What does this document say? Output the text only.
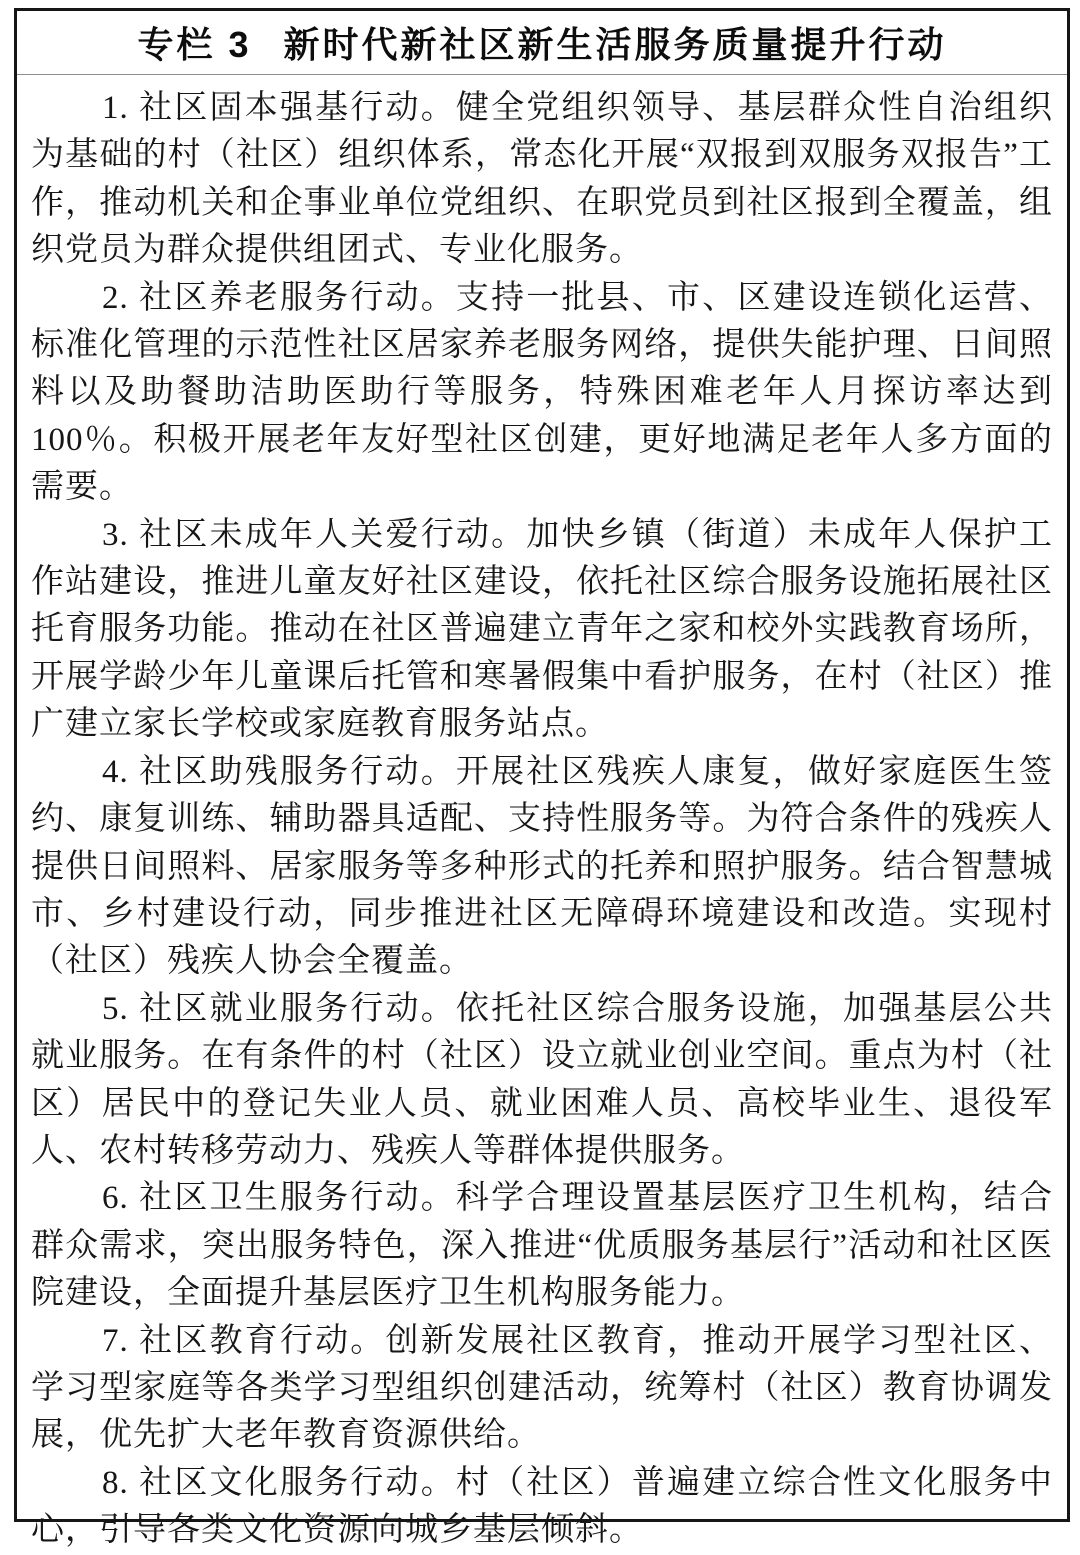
专栏 3 新时代新社区新生活服务质量提升行动

1. 社区固本强基行动。健全党组织领导、基层群众性自治组织为基础的村（社区）组织体系，常态化开展“双报到双服务双报告”工作，推动机关和企事业单位党组织、在职党员到社区报到全覆盖，组织党员为群众提供组团式、专业化服务。

2. 社区养老服务行动。支持一批县、市、区建设连锁化运营、标准化管理的示范性社区居家养老服务网络，提供失能护理、日间照料以及助餐助洁助医助行等服务，特殊困难老年人月探访率达到100％。积极开展老年友好型社区创建，更好地满足老年人多方面的需要。

3. 社区未成年人关爱行动。加快乡镇（街道）未成年人保护工作站建设，推进儿童友好社区建设，依托社区综合服务设施拓展社区托育服务功能。推动在社区普遍建立青年之家和校外实践教育场所，开展学龄少年儿童课后托管和寒暑假集中看护服务，在村（社区）推广建立家长学校或家庭教育服务站点。

4. 社区助残服务行动。开展社区残疾人康复，做好家庭医生签约、康复训练、辅助器具适配、支持性服务等。为符合条件的残疾人提供日间照料、居家服务等多种形式的托养和照护服务。结合智慧城市、乡村建设行动，同步推进社区无障碍环境建设和改造。实现村（社区）残疾人协会全覆盖。

5. 社区就业服务行动。依托社区综合服务设施，加强基层公共就业服务。在有条件的村（社区）设立就业创业空间。重点为村（社区）居民中的登记失业人员、就业困难人员、高校毕业生、退役军人、农村转移劳动力、残疾人等群体提供服务。

6. 社区卫生服务行动。科学合理设置基层医疗卫生机构，结合群众需求，突出服务特色，深入推进“优质服务基层行”活动和社区医院建设，全面提升基层医疗卫生机构服务能力。

7. 社区教育行动。创新发展社区教育，推动开展学习型社区、学习型家庭等各类学习型组织创建活动，统筹村（社区）教育协调发展，优先扩大老年教育资源供给。

8. 社区文化服务行动。村（社区）普遍建立综合性文化服务中心，引导各类文化资源向城乡基层倾斜。
